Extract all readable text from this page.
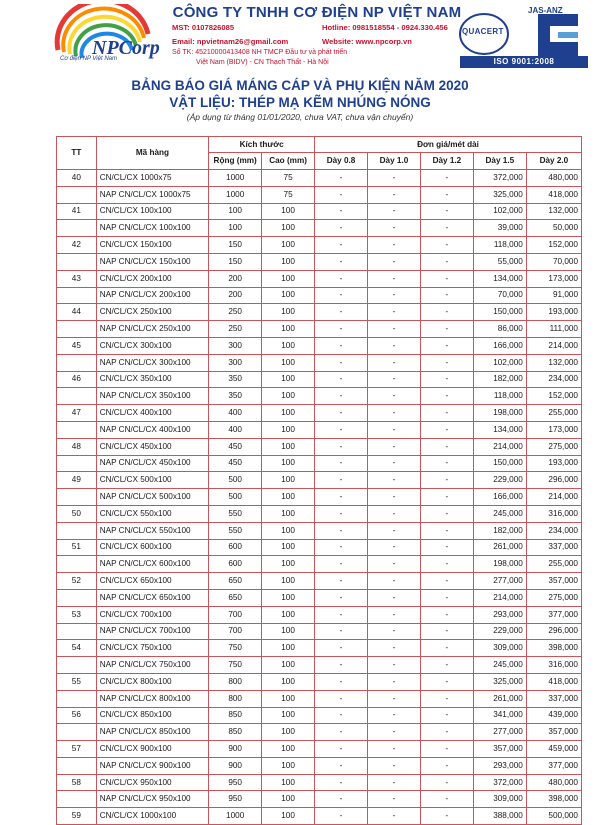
NPCorp
Cơ điện NP Việt Nam
CÔNG TY TNHH CƠ ĐIỆN NP VIỆT NAM
MST: 0107826085	Hotline: 0981518554 - 0924.330.456
Email: npvietnam26@gmail.com	Website: www.npcorp.vn
Số TK: 45210000413408 NH TMCP Đầu tư và phát triển
Việt Nam (BIDV) - CN Thạch Thất - Hà Nội
JAS-ANZ
QUACERT
ISO 9001:2008
BẢNG BÁO GIÁ MÁNG CÁP VÀ PHỤ KIỆN NĂM 2020
VẬT LIỆU: THÉP MẠ KẼM NHÚNG NÓNG
(Áp dụng từ tháng 01/01/2020, chưa VAT, chưa vận chuyển)
TT	Mã hàng	Kích thước		Đơn giá/mét dài				
		Rộng (mm)	Cao (mm)	Dày 0.8	Dày 1.0	Dày 1.2	Dày 1.5	Dày 2.0
40	CN/CL/CX 1000x75	1000	75	-	-	-	372,000	480,000
	NAP CN/CL/CX 1000x75	1000	75	-	-	-	325,000	418,000
41	CN/CL/CX 100x100	100	100	-	-	-	102,000	132,000
	NAP CN/CL/CX 100x100	100	100	-	-	-	39,000	50,000
42	CN/CL/CX 150x100	150	100	-	-	-	118,000	152,000
	NAP CN/CL/CX 150x100	150	100	-	-	-	55,000	70,000
43	CN/CL/CX 200x100	200	100	-	-	-	134,000	173,000
	NAP CN/CL/CX 200x100	200	100	-	-	-	70,000	91,000
44	CN/CL/CX 250x100	250	100	-	-	-	150,000	193,000
	NAP CN/CL/CX 250x100	250	100	-	-	-	86,000	111,000
45	CN/CL/CX 300x100	300	100	-	-	-	166,000	214,000
	NAP CN/CL/CX 300x100	300	100	-	-	-	102,000	132,000
46	CN/CL/CX 350x100	350	100	-	-	-	182,000	234,000
	NAP CN/CL/CX 350x100	350	100	-	-	-	118,000	152,000
47	CN/CL/CX 400x100	400	100	-	-	-	198,000	255,000
	NAP CN/CL/CX 400x100	400	100	-	-	-	134,000	173,000
48	CN/CL/CX 450x100	450	100	-	-	-	214,000	275,000
	NAP CN/CL/CX 450x100	450	100	-	-	-	150,000	193,000
49	CN/CL/CX 500x100	500	100	-	-	-	229,000	296,000
	NAP CN/CL/CX 500x100	500	100	-	-	-	166,000	214,000
50	CN/CL/CX 550x100	550	100	-	-	-	245,000	316,000
	NAP CN/CL/CX 550x100	550	100	-	-	-	182,000	234,000
51	CN/CL/CX 600x100	600	100	-	-	-	261,000	337,000
	NAP CN/CL/CX 600x100	600	100	-	-	-	198,000	255,000
52	CN/CL/CX 650x100	650	100	-	-	-	277,000	357,000
	NAP CN/CL/CX 650x100	650	100	-	-	-	214,000	275,000
53	CN/CL/CX 700x100	700	100	-	-	-	293,000	377,000
	NAP CN/CL/CX 700x100	700	100	-	-	-	229,000	296,000
54	CN/CL/CX 750x100	750	100	-	-	-	309,000	398,000
	NAP CN/CL/CX 750x100	750	100	-	-	-	245,000	316,000
55	CN/CL/CX 800x100	800	100	-	-	-	325,000	418,000
	NAP CN/CL/CX 800x100	800	100	-	-	-	261,000	337,000
56	CN/CL/CX 850x100	850	100	-	-	-	341,000	439,000
	NAP CN/CL/CX 850x100	850	100	-	-	-	277,000	357,000
57	CN/CL/CX 900x100	900	100	-	-	-	357,000	459,000
	NAP CN/CL/CX 900x100	900	100	-	-	-	293,000	377,000
58	CN/CL/CX 950x100	950	100	-	-	-	372,000	480,000
	NAP CN/CL/CX 950x100	950	100	-	-	-	309,000	398,000
59	CN/CL/CX 1000x100	1000	100	-	-	-	388,000	500,000
